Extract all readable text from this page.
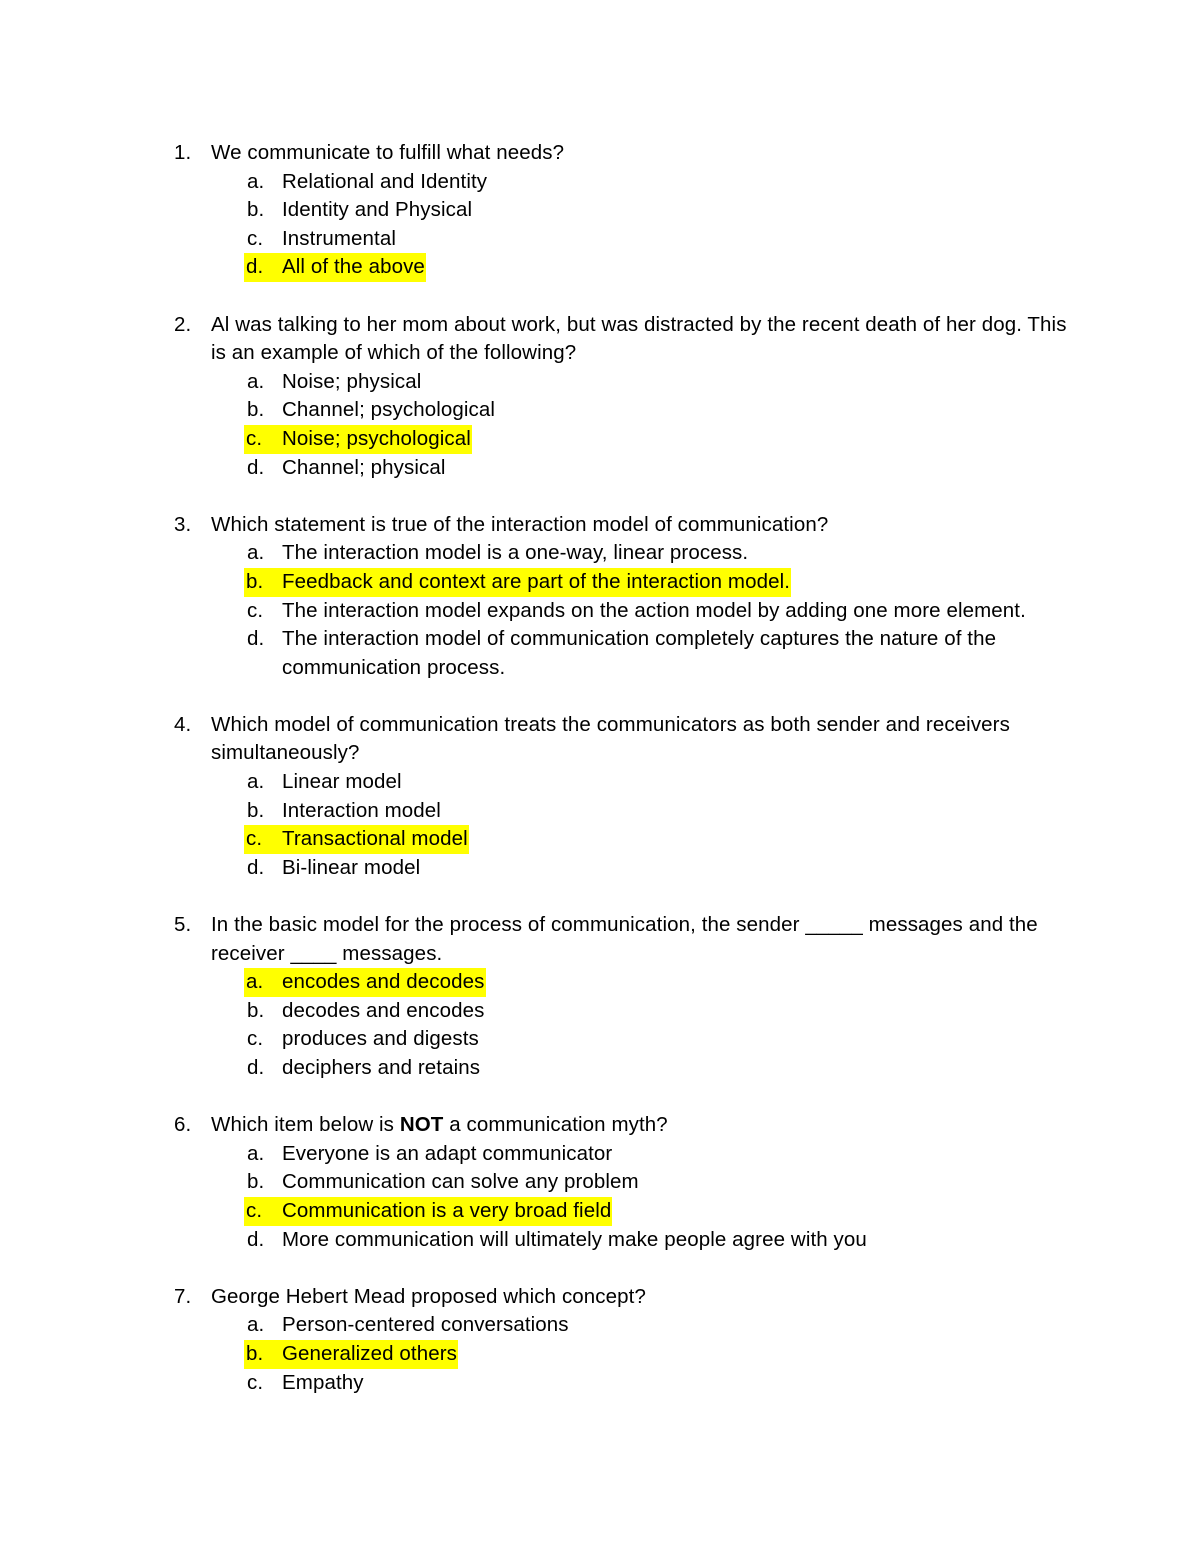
1. We communicate to fulfill what needs?
a. Relational and Identity
b. Identity and Physical
c. Instrumental
d. All of the above
2. Al was talking to her mom about work, but was distracted by the recent death of her dog. This is an example of which of the following?
a. Noise; physical
b. Channel; psychological
c. Noise; psychological
d. Channel; physical
3. Which statement is true of the interaction model of communication?
a. The interaction model is a one-way, linear process.
b. Feedback and context are part of the interaction model.
c. The interaction model expands on the action model by adding one more element.
d. The interaction model of communication completely captures the nature of the communication process.
4. Which model of communication treats the communicators as both sender and receivers simultaneously?
a. Linear model
b. Interaction model
c. Transactional model
d. Bi-linear model
5. In the basic model for the process of communication, the sender _____ messages and the receiver ____ messages.
a. encodes and decodes
b. decodes and encodes
c. produces and digests
d. deciphers and retains
6. Which item below is NOT a communication myth?
a. Everyone is an adapt communicator
b. Communication can solve any problem
c. Communication is a very broad field
d. More communication will ultimately make people agree with you
7. George Hebert Mead proposed which concept?
a. Person-centered conversations
b. Generalized others
c. Empathy
